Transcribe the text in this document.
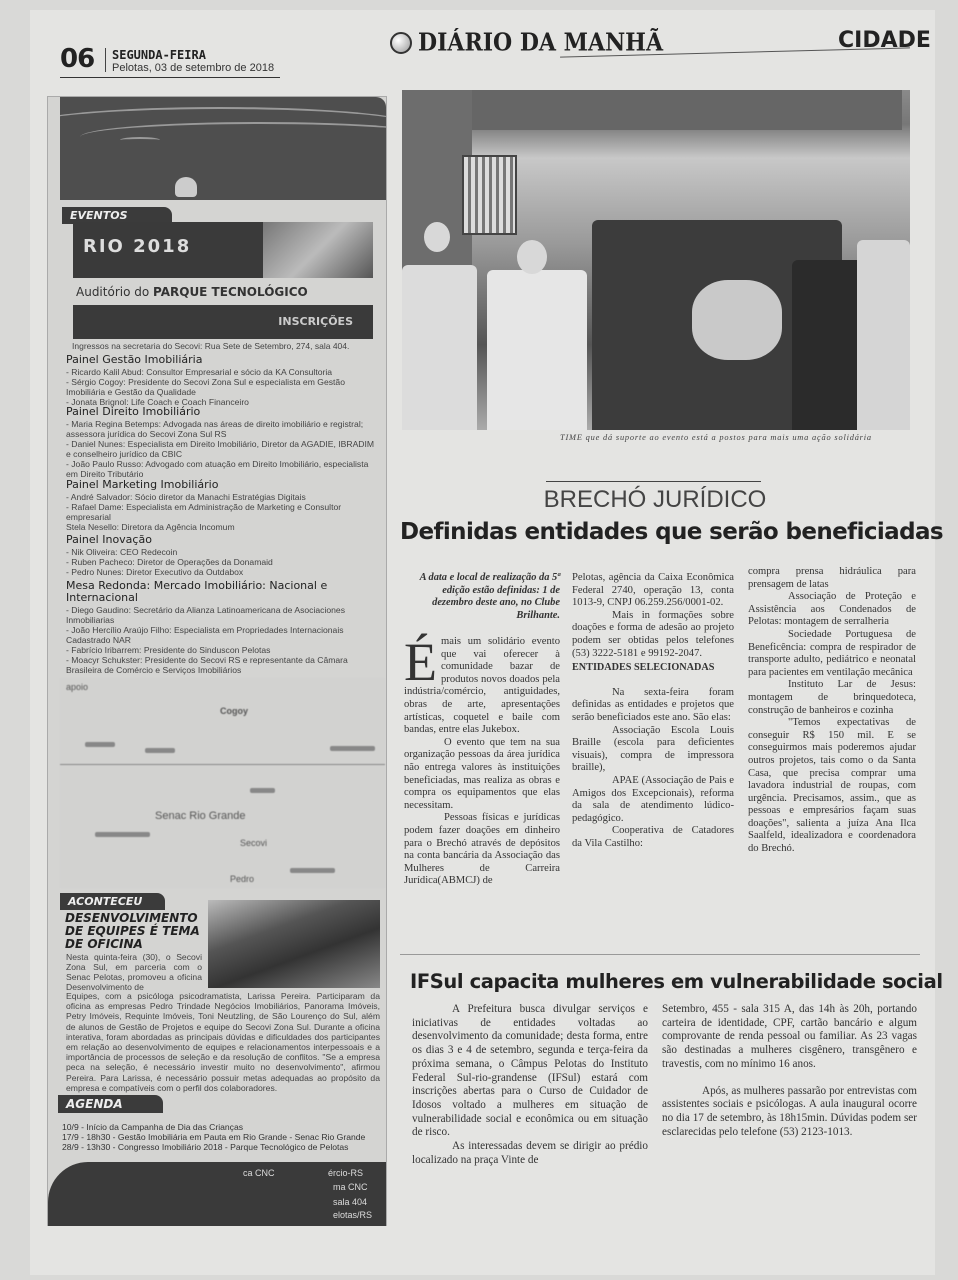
06 SEGUNDA-FEIRA
Pelotas, 03 de setembro de 2018
DIÁRIO DA MANHÃ	CIDADE
EVENTOS
RIO 2018
Auditório do PARQUE TECNOLÓGICO
INSCRIÇÕES
Ingressos na secretaria do Secovi: Rua Sete de Setembro, 274, sala 404.
Painel Gestão Imobiliária

- Ricardo Kalil Abud: Consultor Empresarial e sócio da KA Consultoria

- Sérgio Cogoy: Presidente do Secovi Zona Sul e especialista em Gestão Imobiliária e Gestão da Qualidade

- Jonata Brignol: Life Coach e Coach Financeiro

Painel Direito Imobiliário

- Maria Regina Betemps: Advogada nas áreas de direito imobiliário e registral; assessora jurídica do Secovi Zona Sul RS

- Daniel Nunes: Especialista em Direito Imobiliário, Diretor da AGADIE, IBRADIM e conselheiro jurídico da CBIC

- João Paulo Russo: Advogado com atuação em Direito Imobiliário, especialista em Direito Tributário

Painel Marketing Imobiliário

- André Salvador: Sócio diretor da Manachi Estratégias Digitais

- Rafael Dame: Especialista em Administração de Marketing e Consultor empresarial

Stela Nesello: Diretora da Agência Incomum

Painel Inovação

- Nik Oliveira: CEO Redecoin

- Ruben Pacheco: Diretor de Operações da Donamaid

- Pedro Nunes: Diretor Executivo da Outdabox

Mesa Redonda: Mercado Imobiliário: Nacional e Internacional

- Diego Gaudino: Secretário da Alianza Latinoamericana de Asociaciones Inmobiliarias

- João Hercílio Araújo Filho: Especialista em Propriedades Internacionais Cadastrado NAR

- Fabrício Iribarrem: Presidente do Sinduscon Pelotas

- Moacyr Schukster: Presidente do Secovi RS e representante da Câmara Brasileira de Comércio e Serviços Imobiliários

apoio
Cogoy
Senac Rio Grande
Secovi
Pedro
ACONTECEU
DESENVOLVIMENTO DE EQUIPES É TEMA DE OFICINA
Nesta quinta-feira (30), o Secovi Zona Sul, em parceria com o Senac Pelotas, promoveu a oficina Desenvolvimento de
Equipes, com a psicóloga psicodramatista, Larissa Pereira. Participaram da oficina as empresas Pedro Trindade Negócios Imobiliários, Panorama Imóveis, Petry Imóveis, Requinte Imóveis, Toni Neutzling, de São Lourenço do Sul, além de alunos de Gestão de Projetos e equipe do Secovi Zona Sul. Durante a oficina interativa, foram abordadas as principais dúvidas e dificuldades dos participantes em relação ao desenvolvimento de equipes e relacionamentos interpessoais e a importância de processos de seleção e da resolução de conflitos. "Se a empresa peca na seleção, é necessário investir muito no desenvolvimento", afirmou Pereira. Para Larissa, é necessário possuir metas adequadas ao propósito da empresa e compatíveis com o perfil dos colaboradores.
AGENDA
10/9 - Início da Campanha de Dia das Crianças
17/9 - 18h30 - Gestão Imobiliária em Pauta em Rio Grande - Senac Rio Grande
28/9 - 13h30 - Congresso Imobiliário 2018 - Parque Tecnológico de Pelotas
ca CNC	ércio-RS
ma CNC
sala 404
elotas/RS
TIME que dá suporte ao evento está a postos para mais uma ação solidária
BRECHÓ JURÍDICO
Definidas entidades que serão beneficiadas
A data e local de realização da 5ª edição estão definidas: 1 de dezembro deste ano, no Clube Brilhante.

Émais um solidário evento que vai oferecer à comunidade bazar de produtos novos doados pela indústria/comércio, antiguidades, obras de arte, apresentações artísticas, coquetel e baile com bandas, entre elas Jukebox.

O evento que tem na sua organização pessoas da área jurídica não entrega valores às instituições beneficiadas, mas realiza as obras e compra os equipamentos que elas necessitam.

Pessoas físicas e jurídicas podem fazer doações em dinheiro para o Brechó através de depósitos na conta bancária da Associação das Mulheres de Carreira Jurídica(ABMCJ) de

Pelotas, agência da Caixa Econômica Federal 2740, operação 13, conta 1013-9, CNPJ 06.259.256/0001-02.

Mais in formações sobre doações e forma de adesão ao projeto podem ser obtidas pelos telefones (53) 3222-5181 e 99192-2047.

ENTIDADES SELECIONADAS

Na sexta-feira foram definidas as entidades e projetos que serão beneficiados este ano. São elas:

Associação Escola Louis Braille (escola para deficientes visuais), compra de impressora braille),

APAE (Associação de Pais e Amigos dos Excepcionais), reforma da sala de atendimento lúdico-pedagógico.

Cooperativa de Catadores da Vila Castilho:

compra prensa hidráulica para prensagem de latas

Associação de Proteção e Assistência aos Condenados de Pelotas: montagem de serralheria

Sociedade Portuguesa de Beneficência: compra de respirador de transporte adulto, pediátrico e neonatal para pacientes em ventilação mecânica

Instituto Lar de Jesus: montagem de brinquedoteca, construção de banheiros e cozinha

"Temos expectativas de conseguir R$ 150 mil. E se conseguirmos mais poderemos ajudar outros projetos, tais como o da Santa Casa, que precisa comprar uma lavadora industrial de roupas, com urgência. Precisamos, assim., que as pessoas e empresários façam suas doações", salienta a juíza Ana Ilca Saalfeld, idealizadora e coordenadora do Brechó.

IFSul capacita mulheres em vulnerabilidade social

A Prefeitura busca divulgar serviços e iniciativas de entidades voltadas ao desenvolvimento da comunidade; desta forma, entre os dias 3 e 4 de setembro, segunda e terça-feira da próxima semana, o Câmpus Pelotas do Instituto Federal Sul-rio-grandense (IFSul) estará com inscrições abertas para o Curso de Cuidador de Idosos voltado a mulheres em situação de vulnerabilidade social e econômica ou em situação de risco.

As interessadas devem se dirigir ao prédio localizado na praça Vinte de

Setembro, 455 - sala 315 A, das 14h às 20h, portando carteira de identidade, CPF, cartão bancário e algum comprovante de renda pessoal ou familiar. As 23 vagas são destinadas a mulheres cisgênero, transgênero e travestis, com no mínimo 16 anos.

Após, as mulheres passarão por entrevistas com assistentes sociais e psicólogas. A aula inaugural ocorre no dia 17 de setembro, às 18h15min. Dúvidas podem ser esclarecidas pelo telefone (53) 2123-1013.
